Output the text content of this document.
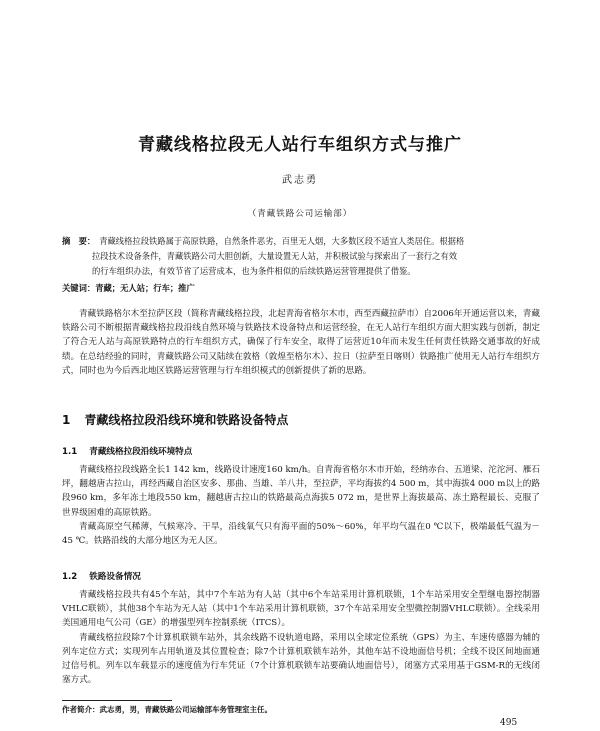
青藏线格拉段无人站行车组织方式与推广
武志勇
（青藏铁路公司运输部）
摘　要： 青藏线格拉段铁路属于高原铁路，自然条件恶劣，百里无人烟，大多数区段不适宜人类居住。根据格
拉段技术设备条件，青藏铁路公司大胆创新，大量设置无人站，并积极试验与探索出了一套行之有效
的行车组织办法，有效节省了运营成本，也为条件相似的后续铁路运营管理提供了借鉴。
关键词：青藏；无人站；行车；推广

青藏铁路格尔木至拉萨区段（简称青藏线格拉段，北起青海省格尔木市，西至西藏拉萨市）自2006年开通运营以来，青藏铁路公司不断根据青藏线格拉段沿线自然环境与铁路技术设备特点和运营经验，在无人站行车组织方面大胆实践与创新，制定了符合无人站与高原铁路特点的行车组织方式，确保了行车安全，取得了运营近10年而未发生任何责任铁路交通事故的好成绩。在总结经验的同时，青藏铁路公司又陆续在敦格（敦煌至格尔木）、拉日（拉萨至日喀则）铁路推广使用无人站行车组织方式，同时也为今后西北地区铁路运营管理与行车组织模式的创新提供了新的思路。

1 青藏线格拉段沿线环境和铁路设备特点
1.1 青藏线格拉段沿线环境特点

青藏线格拉段线路全长1 142 km，线路设计速度160 km/h。自青海省格尔木市开始，经纳赤台、五道梁、沱沱河、雁石坪，翻越唐古拉山，再经西藏自治区安多、那曲、当雄、羊八井，至拉萨，平均海拔约4 500 m，其中海拔4 000 m以上的路段960 km，多年冻土地段550 km，翻越唐古拉山的铁路最高点海拔5 072 m，是世界上海拔最高、冻土路程最长、克服了世界级困难的高原铁路。

青藏高原空气稀薄，气候寒冷、干旱，沿线氧气只有海平面的50%～60%，年平均气温在0 ℃以下，极端最低气温为－45 ℃。铁路沿线的大部分地区为无人区。

1.2 铁路设备情况

青藏线格拉段共有45个车站，其中7个车站为有人站（其中6个车站采用计算机联锁，1个车站采用安全型继电器控制器VHLC联锁），其他38个车站为无人站（其中1个车站采用计算机联锁，37个车站采用安全型微控制器VHLC联锁）。全线采用美国通用电气公司（GE）的增强型列车控制系统（ITCS）。

青藏线格拉段除7个计算机联锁车站外，其余线路不设轨道电路，采用以全球定位系统（GPS）为主、车速传感器为辅的列车定位方式；实现列车占用轨道及其位置检查；除7个计算机联锁车站外，其他车站不设地面信号机；全线不设区间地面通过信号机。列车以车载显示的速度值为行车凭证（7个计算机联锁车站要确认地面信号），闭塞方式采用基于GSM-R的无线闭塞方式。

作者简介：武志勇，男，青藏铁路公司运输部车务管理室主任。
495
